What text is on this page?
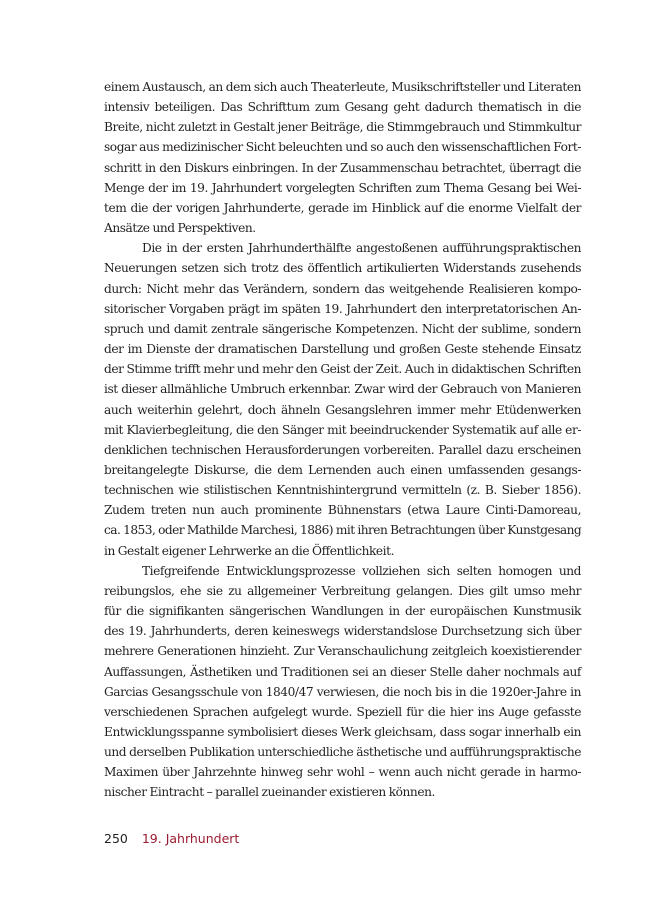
einem Austausch, an dem sich auch Theaterleute, Musikschriftsteller und Literaten
intensiv beteiligen. Das Schrifttum zum Gesang geht dadurch thematisch in die
Breite, nicht zuletzt in Gestalt jener Beiträge, die Stimmgebrauch und Stimmkultur
sogar aus medizinischer Sicht beleuchten und so auch den wissenschaftlichen Fort-
schritt in den Diskurs einbringen. In der Zusammenschau betrachtet, überragt die
Menge der im 19. Jahrhundert vorgelegten Schriften zum Thema Gesang bei Wei-
tem die der vorigen Jahrhunderte, gerade im Hinblick auf die enorme Vielfalt der
Ansätze und Perspektiven.
Die in der ersten Jahrhunderthälfte angestoßenen aufführungspraktischen
Neuerungen setzen sich trotz des öffentlich artikulierten Widerstands zusehends
durch: Nicht mehr das Verändern, sondern das weitgehende Realisieren kompo-
sitorischer Vorgaben prägt im späten 19. Jahrhundert den interpretatorischen An-
spruch und damit zentrale sängerische Kompetenzen. Nicht der sublime, sondern
der im Dienste der dramatischen Darstellung und großen Geste stehende Einsatz
der Stimme trifft mehr und mehr den Geist der Zeit. Auch in didaktischen Schriften
ist dieser allmähliche Umbruch erkennbar. Zwar wird der Gebrauch von Manieren
auch weiterhin gelehrt, doch ähneln Gesangslehren immer mehr Etüdenwerken
mit Klavierbegleitung, die den Sänger mit beeindruckender Systematik auf alle er-
denklichen technischen Herausforderungen vorbereiten. Parallel dazu erscheinen
breitangelegte Diskurse, die dem Lernenden auch einen umfassenden gesangs-
technischen wie stilistischen Kenntnishintergrund vermitteln (z. B. Sieber 1856).
Zudem treten nun auch prominente Bühnenstars (etwa Laure Cinti-Damoreau,
ca. 1853, oder Mathilde Marchesi, 1886) mit ihren Betrachtungen über Kunstgesang
in Gestalt eigener Lehrwerke an die Öffentlichkeit.
Tiefgreifende Entwicklungsprozesse vollziehen sich selten homogen und
reibungslos, ehe sie zu allgemeiner Verbreitung gelangen. Dies gilt umso mehr
für die signifikanten sängerischen Wandlungen in der europäischen Kunstmusik
des 19. Jahrhunderts, deren keineswegs widerstandslose Durchsetzung sich über
mehrere Generationen hinzieht. Zur Veranschaulichung zeitgleich koexistierender
Auffassungen, Ästhetiken und Traditionen sei an dieser Stelle daher nochmals auf
Garcias Gesangsschule von 1840/47 verwiesen, die noch bis in die 1920er-Jahre in
verschiedenen Sprachen aufgelegt wurde. Speziell für die hier ins Auge gefasste
Entwicklungsspanne symbolisiert dieses Werk gleichsam, dass sogar innerhalb ein
und derselben Publikation unterschiedliche ästhetische und aufführungspraktische
Maximen über Jahrzehnte hinweg sehr wohl – wenn auch nicht gerade in harmo-
nischer Eintracht – parallel zueinander existieren können.
250 19. Jahrhundert
